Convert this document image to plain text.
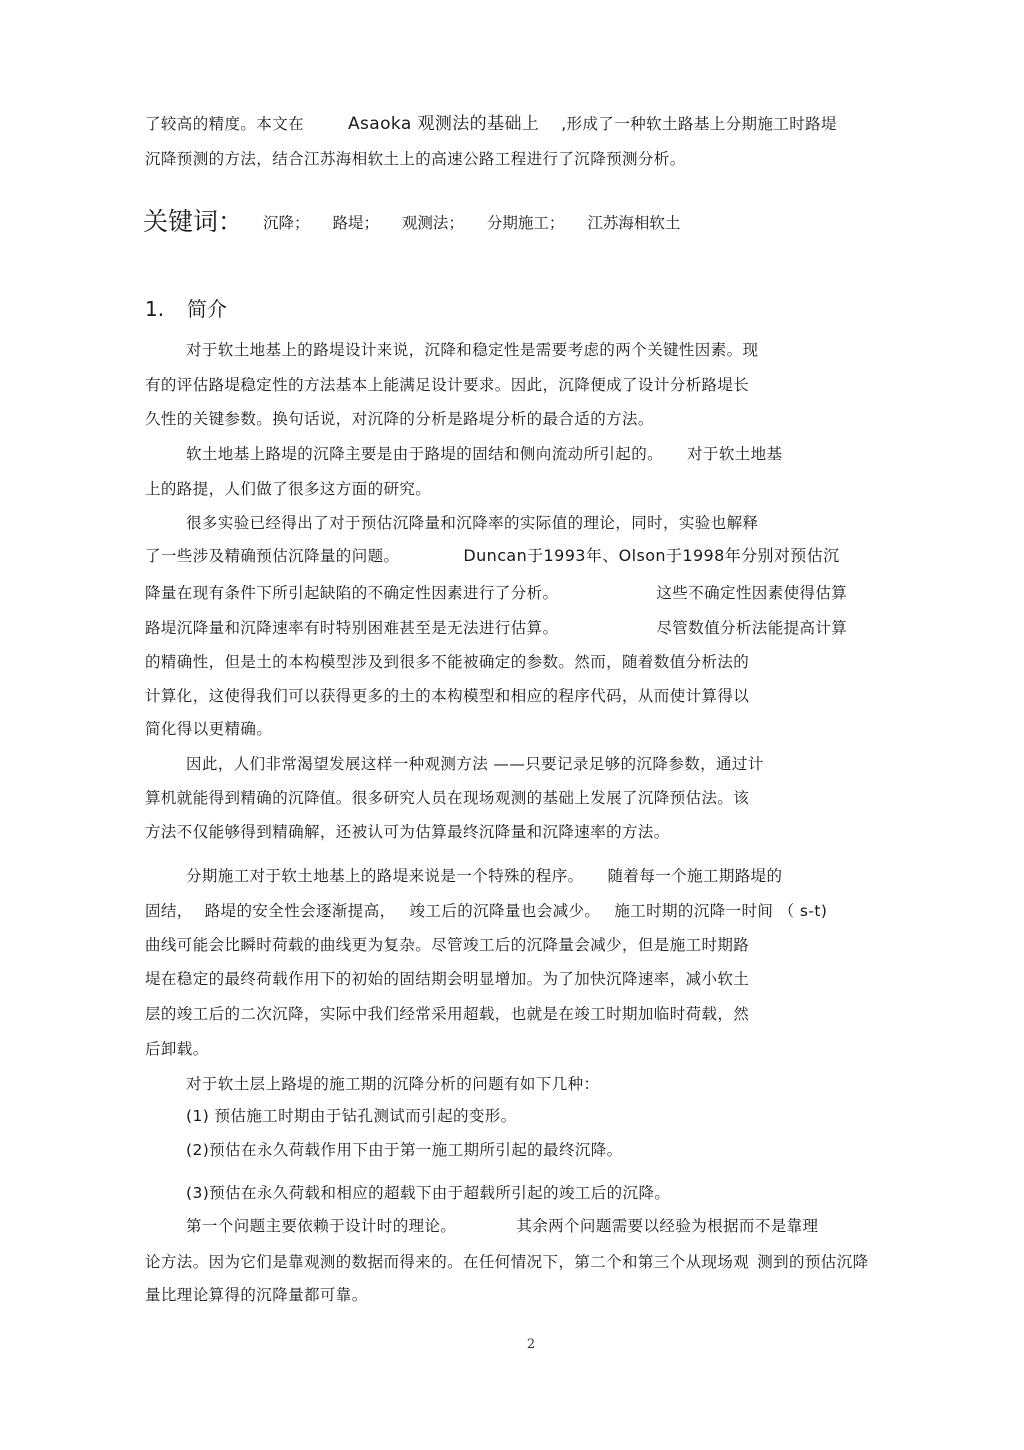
了较高的精度。本文在	Asaoka 观测法的基础上 ,形成了一种软土路基上分期施工时路堤
沉降预测的方法，结合江苏海相软土上的高速公路工程进行了沉降预测分析。
关键词： 沉降； 路堤； 观测法； 分期施工； 江苏海相软土
1. 简介
对于软土地基上的路堤设计来说，沉降和稳定性是需要考虑的两个关键性因素。现
有的评估路堤稳定性的方法基本上能满足设计要求。因此，沉降便成了设计分析路堤长
久性的关键参数。换句话说，对沉降的分析是路堤分析的最合适的方法。
软土地基上路堤的沉降主要是由于路堤的固结和侧向流动所引起的。 对于软土地基
上的路提，人们做了很多这方面的研究。
很多实验已经得出了对于预估沉降量和沉降率的实际值的理论，同时，实验也解释
了一些涉及精确预估沉降量的问题。	Duncan于1993年、Olson于1998年分别对预估沉
降量在现有条件下所引起缺陷的不确定性因素进行了分析。	这些不确定性因素使得估算
路堤沉降量和沉降速率有时特别困难甚至是无法进行估算。	尽管数值分析法能提高计算
的精确性，但是土的本构模型涉及到很多不能被确定的参数。然而，随着数值分析法的
计算化，这使得我们可以获得更多的土的本构模型和相应的程序代码，从而使计算得以
简化得以更精确。
因此，人们非常渴望发展这样一种观测方法 ——只要记录足够的沉降参数，通过计
算机就能得到精确的沉降值。很多研究人员在现场观测的基础上发展了沉降预估法。该
方法不仅能够得到精确解，还被认可为估算最终沉降量和沉降速率的方法。
分期施工对于软土地基上的路堤来说是一个特殊的程序。 随着每一个施工期路堤的
固结， 路堤的安全性会逐渐提高， 竣工后的沉降量也会减少。 施工时期的沉降一时间 （ s-t)
曲线可能会比瞬时荷载的曲线更为复杂。尽管竣工后的沉降量会减少，但是施工时期路
堤在稳定的最终荷载作用下的初始的固结期会明显增加。为了加快沉降速率，减小软土
层的竣工后的二次沉降，实际中我们经常采用超载，也就是在竣工时期加临时荷载，然
后卸载。
对于软土层上路堤的施工期的沉降分析的问题有如下几种：
(1) 预估施工时期由于钻孔测试而引起的变形。
(2)预估在永久荷载作用下由于第一施工期所引起的最终沉降。
(3)预估在永久荷载和相应的超载下由于超载所引起的竣工后的沉降。
第一个问题主要依赖于设计时的理论。	其余两个问题需要以经验为根据而不是靠理
论方法。因为它们是靠观测的数据而得来的。在任何情况下，第二个和第三个从现场观 测到的预估沉降
量比理论算得的沉降量都可靠。
2
